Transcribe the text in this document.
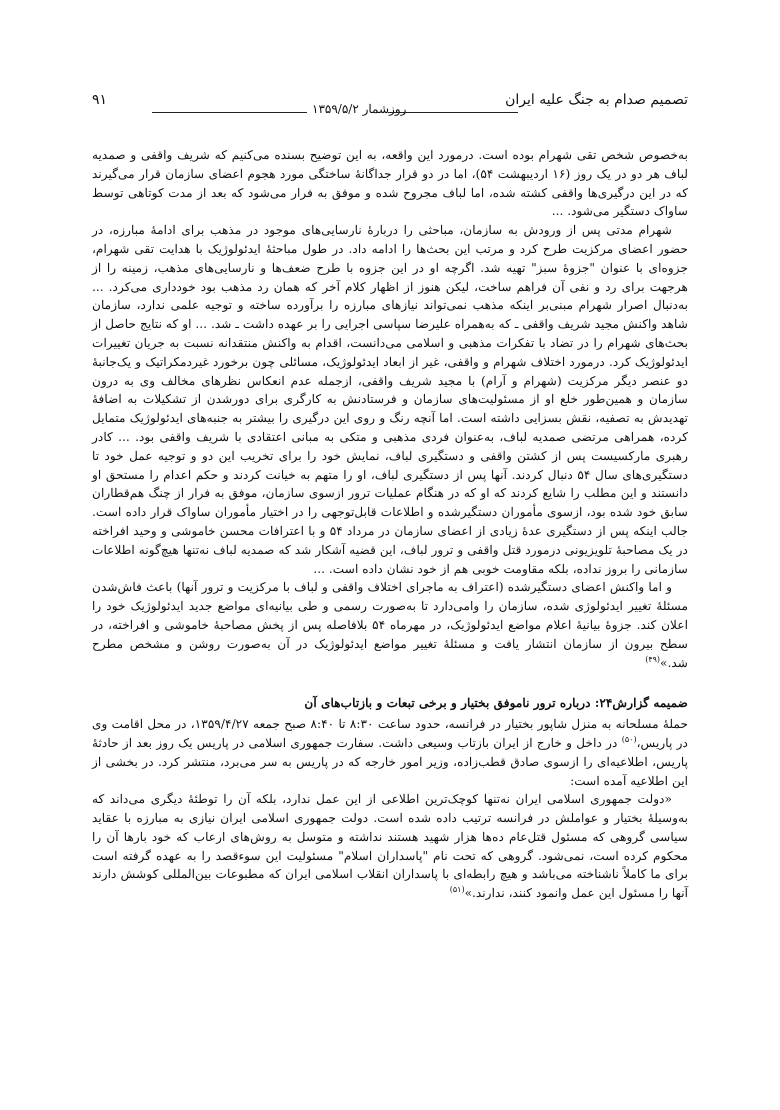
تصمیم صدام به جنگ علیه ایران
۹۱
روزشمار ۱۳۵۹/۵/۲

به‌خصوص شخص تقی شهرام بوده است. درمورد این واقعه، به این توضیح بسنده می‌کنیم که شریف واقفی و صمدیه لباف هر دو در یک روز (۱۶ اردیبهشت ۵۴)، اما در دو قرار جداگانهٔ ساختگی مورد هجوم اعضای سازمان قرار می‌گیرند که در این درگیری‌ها واقفی کشته شده، اما لباف مجروح شده و موفق به فرار می‌شود که بعد از مدت کوتاهی توسط ساواک دستگیر می‌شود. ...

شهرام مدتی پس از ورودش به سازمان، مباحثی را دربارهٔ نارسایی‌های موجود در مذهب برای ادامهٔ مبارزه، در حضور اعضای مرکزیت طرح کرد و مرتب این بحث‌ها را ادامه داد. در طول مباحثهٔ ایدئولوژیک با هدایت تقی شهرام، جزوه‌ای با عنوان "جزوهٔ سبز" تهیه شد. اگرچه او در این جزوه با طرح ضعف‌ها و نارسایی‌های مذهب، زمینه را از هرجهت برای رد و نفی آن فراهم ساخت، لیکن هنوز از اظهار کلام آخر که همان رد مذهب بود خودداری می‌کرد. ... به‌دنبال اصرار شهرام مبنی‌بر اینکه مذهب نمی‌تواند نیازهای مبارزه را برآورده ساخته و توجیه علمی ندارد، سازمان شاهد واکنش مجید شریف واقفی ـ که به‌همراه علیرضا سپاسی اجرایی را بر عهده داشت ـ شد. ... او که نتایج حاصل از بحث‌های شهرام را در تضاد با تفکرات مذهبی و اسلامی می‌دانست، اقدام به واکنش منتقدانه نسبت به جریان تغییرات ایدئولوژیک کرد. درمورد اختلاف شهرام و واقفی، غیر از ابعاد ایدئولوژیک، مسائلی چون برخورد غیردمکراتیک و یک‌جانبهٔ دو عنصر دیگر مرکزیت (شهرام و آرام) با مجید شریف واقفی، ازجمله عدم انعکاس نظرهای مخالف وی به درون سازمان و همین‌طور خلع او از مسئولیت‌های سازمان و فرستادنش به کارگری برای دورشدن از تشکیلات به اضافهٔ تهدیدش به تصفیه، نقش بسزایی داشته است. اما آنچه رنگ و روی این درگیری را بیشتر به جنبه‌های ایدئولوژیک متمایل کرده، همراهی مرتضی صمدیه لباف، به‌عنوان فردی مذهبی و متکی به مبانی اعتقادی با شریف واقفی بود. ... کادر رهبری مارکسیست پس از کشتن واقفی و دستگیری لباف، نمایش خود را برای تخریب این دو و توجیه عمل خود تا دستگیری‌های سال ۵۴ دنبال کردند. آنها پس از دستگیری لباف، او را متهم به خیانت کردند و حکم اعدام را مستحق او دانستند و این مطلب را شایع کردند که او که در هنگام عملیات ترور ازسوی سازمان، موفق به فرار از چنگ هم‌قطاران سابق خود شده بود، ازسوی مأموران دستگیرشده و اطلاعات قابل‌توجهی را در اختیار مأموران ساواک قرار داده است. جالب اینکه پس از دستگیری عدهٔ زیادی از اعضای سازمان در مرداد ۵۴ و با اعترافات محسن خاموشی و وحید افراخته در یک مصاحبهٔ تلویزیونی درمورد قتل واقفی و ترور لباف، این قضیه آشکار شد که صمدیه لباف نه‌تنها هیچ‌گونه اطلاعات سازمانی را بروز نداده، بلکه مقاومت خوبی هم از خود نشان داده است. ...

و اما واکنش اعضای دستگیرشده (اعتراف به ماجرای اختلاف واقفی و لباف با مرکزیت و ترور آنها) باعث فاش‌شدن مسئلهٔ تغییر ایدئولوژی شده، سازمان را وامی‌دارد تا به‌صورت رسمی و طی بیانیه‌ای مواضع جدید ایدئولوژیک خود را اعلان کند. جزوهٔ بیانیهٔ اعلام مواضع ایدئولوژیک، در مهرماه ۵۴ بلافاصله پس از پخش مصاحبهٔ خاموشی و افراخته، در سطح بیرون از سازمان انتشار یافت و مسئلهٔ تغییر مواضع ایدئولوژیک در آن به‌صورت روشن و مشخص مطرح شد.»$^{(۴۹)}$

ضمیمه گزارش۲۴: درباره ترور ناموفق بختیار و برخی تبعات و بازتاب‌های آن

حملهٔ مسلحانه به منزل شاپور بختیار در فرانسه، حدود ساعت ۸:۳۰ تا ۸:۴۰ صبح جمعه ۱۳۵۹/۴/۲۷، در محل اقامت وی در پاریس،$^{(۵۰)}$ در داخل و خارج از ایران بازتاب وسیعی داشت. سفارت جمهوری اسلامی در پاریس یک روز بعد از حادثهٔ پاریس، اطلاعیه‌ای را ازسوی صادق قطب‌زاده، وزیر امور خارجه که در پاریس به سر می‌برد، منتشر کرد. در بخشی از این اطلاعیه آمده است:

«دولت جمهوری اسلامی ایران نه‌تنها کوچک‌ترین اطلاعی از این عمل ندارد، بلکه آن را توطئهٔ دیگری می‌داند که به‌وسیلهٔ بختیار و عواملش در فرانسه ترتیب داده شده است. دولت جمهوری اسلامی ایران نیازی به مبارزه با عقاید سیاسی گروهی که مسئول قتل‌عام ده‌ها هزار شهید هستند نداشته و متوسل به روش‌های ارعاب که خود بارها آن را محکوم کرده است، نمی‌شود. گروهی که تحت نام "پاسداران اسلام" مسئولیت این سوءقصد را به عهده گرفته است برای ما کاملاً ناشناخته می‌باشد و هیچ رابطه‌ای با پاسداران انقلاب اسلامی ایران که مطبوعات بین‌المللی کوشش دارند آنها را مسئول این عمل وانمود کنند، ندارند.»$^{(۵۱)}$
